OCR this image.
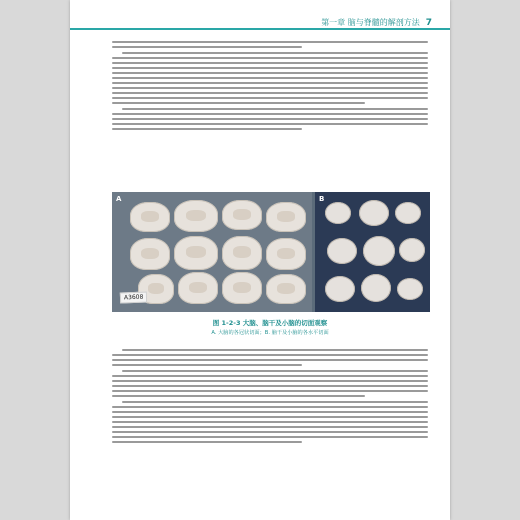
第一章 脑与脊髓的解剖方法 7
A
A3608
B
图 1-2-3 大脑、脑干及小脑的切面观察
A. 大脑的各冠状切面；B. 脑干及小脑的各水平切面
